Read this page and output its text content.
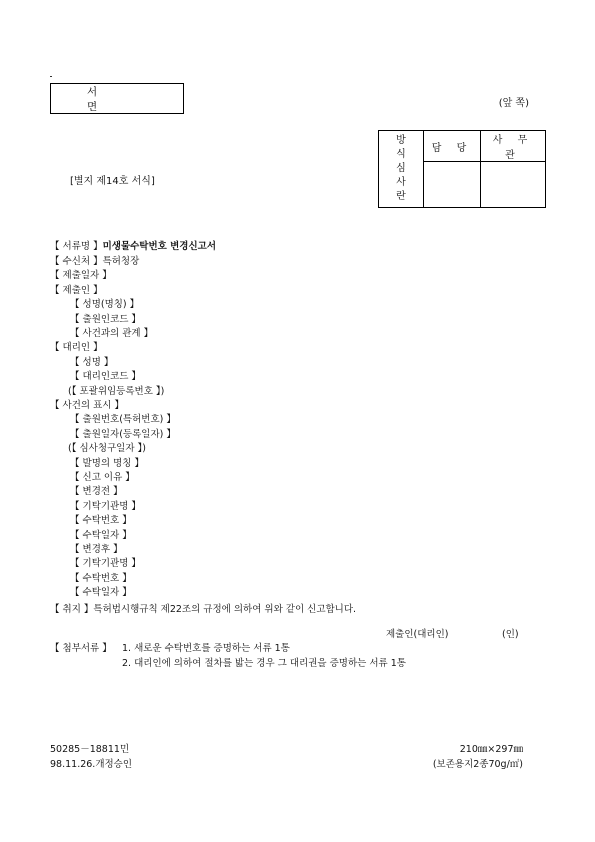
서 면	(앞 쪽)
[별지 제14호 서식]
방
식
심
사
란	담 당	사 무 관

【 서류명 】미생물수탁번호 변경신고서
【 수신처 】특허청장
【 제출일자 】
【 제출인 】
【 성명(명칭) 】
【 출원인코드 】
【 사건과의 관계 】
【 대리인 】
【 성명 】
【 대리인코드 】
(【 포괄위임등록번호 】)
【 사건의 표시 】
【 출원번호(특허번호) 】
【 출원일자(등록일자) 】
(【 심사청구일자 】)
【 발명의 명칭 】
【 신고 이유 】
【 변경전 】
【 기탁기관명 】
【 수탁번호 】
【 수탁일자 】
【 변경후 】
【 기탁기관명 】
【 수탁번호 】
【 수탁일자 】
【 취지 】특허법시행규칙 제22조의 규정에 의하여 위와 같이 신고합니다.
제출인(대리인)	(인)
【 첨부서류 】 1. 새로운 수탁번호를 증명하는 서류 1통
2. 대리인에 의하여 절차를 밟는 경우 그 대리권을 증명하는 서류 1통
50285－18811민
98.11.26.개정승인
210㎜×297㎜
(보존용지2종70g/㎡)
